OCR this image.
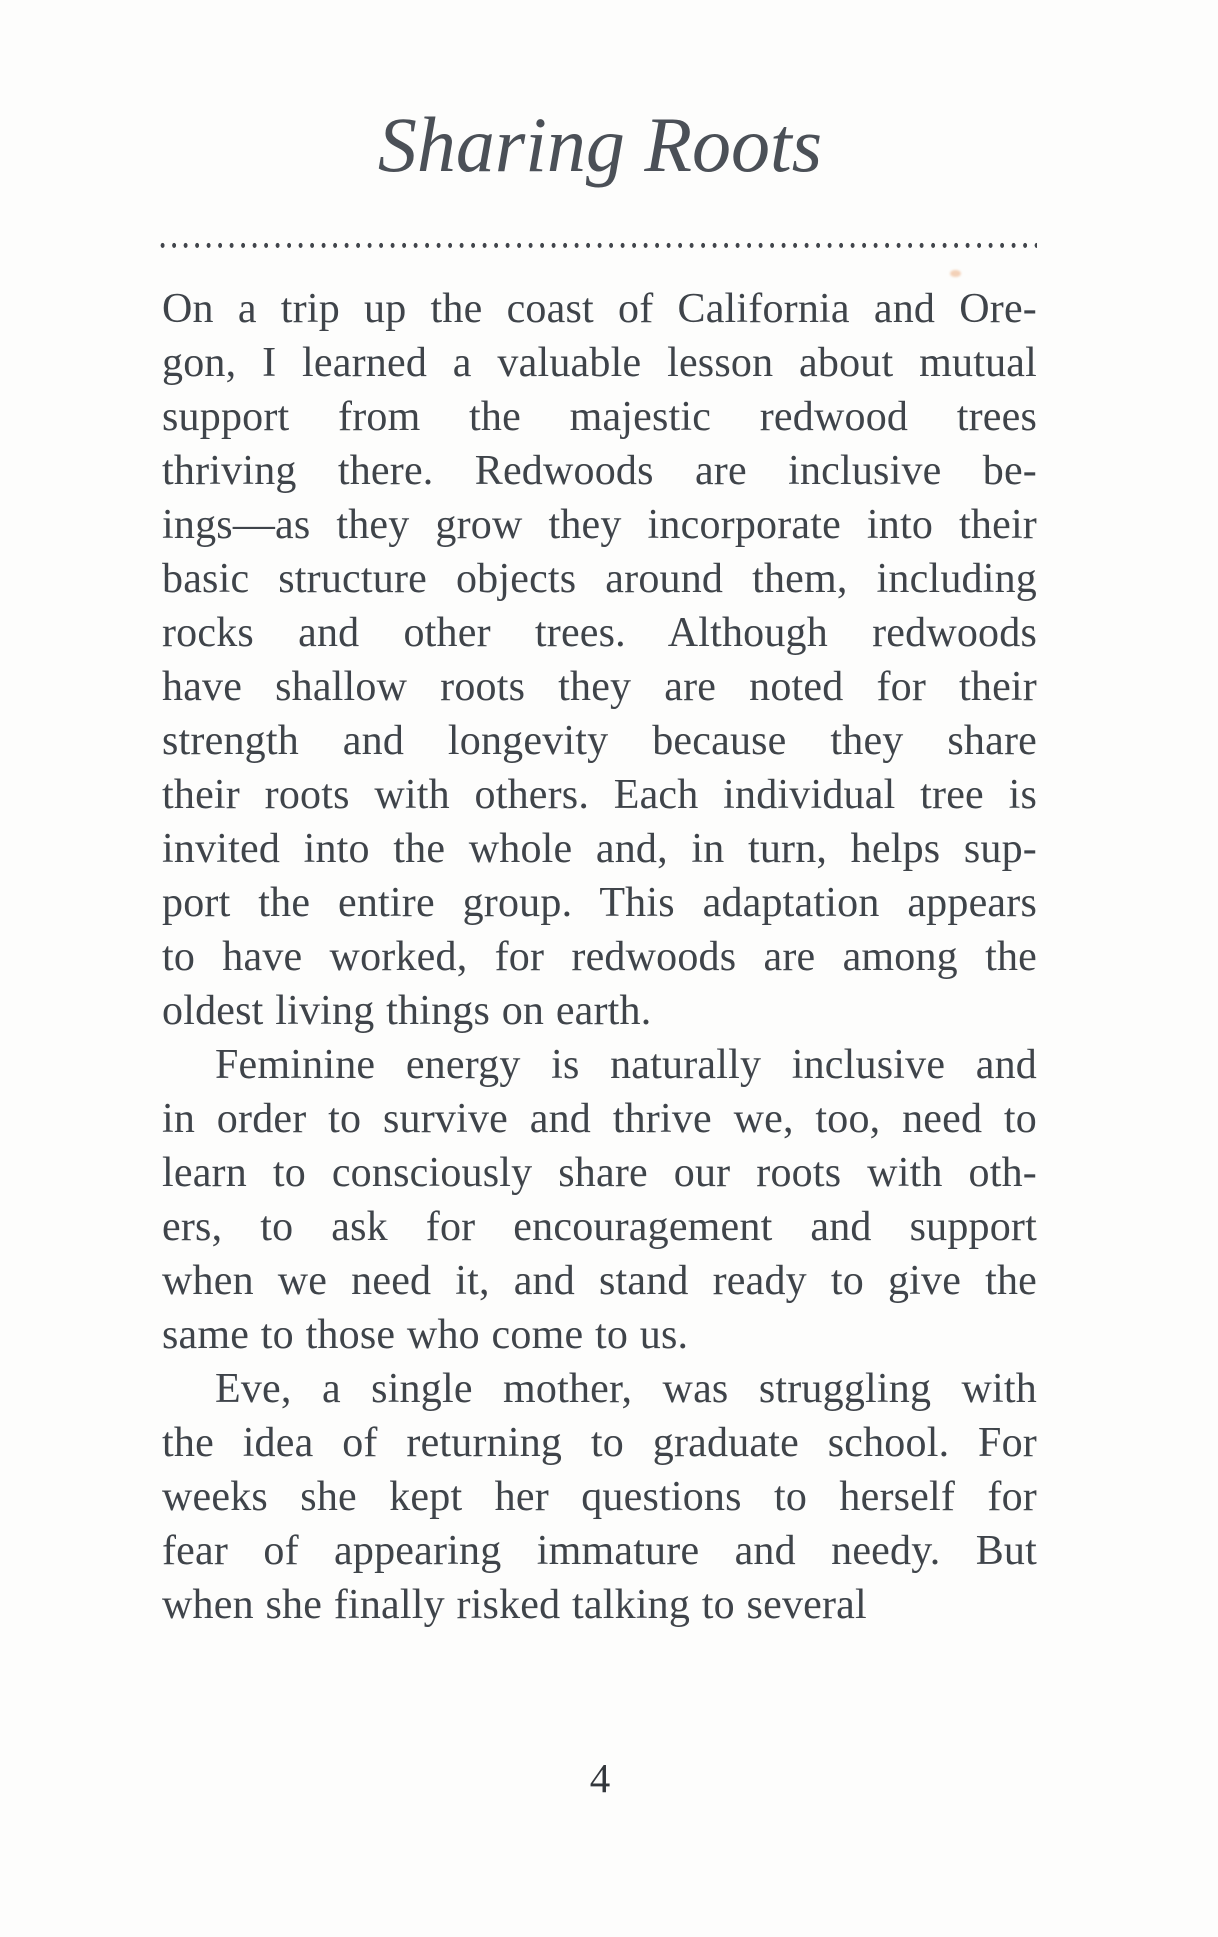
Sharing Roots
On a trip up the coast of California and Ore-
gon, I learned a valuable lesson about mutual
support from the majestic redwood trees
thriving there. Redwoods are inclusive be-
ings—as they grow they incorporate into their
basic structure objects around them, including
rocks and other trees. Although redwoods
have shallow roots they are noted for their
strength and longevity because they share
their roots with others. Each individual tree is
invited into the whole and, in turn, helps sup-
port the entire group. This adaptation appears
to have worked, for redwoods are among the
oldest living things on earth.
Feminine energy is naturally inclusive and
in order to survive and thrive we, too, need to
learn to consciously share our roots with oth-
ers, to ask for encouragement and support
when we need it, and stand ready to give the
same to those who come to us.
Eve, a single mother, was struggling with
the idea of returning to graduate school. For
weeks she kept her questions to herself for
fear of appearing immature and needy. But
when she finally risked talking to several
4
